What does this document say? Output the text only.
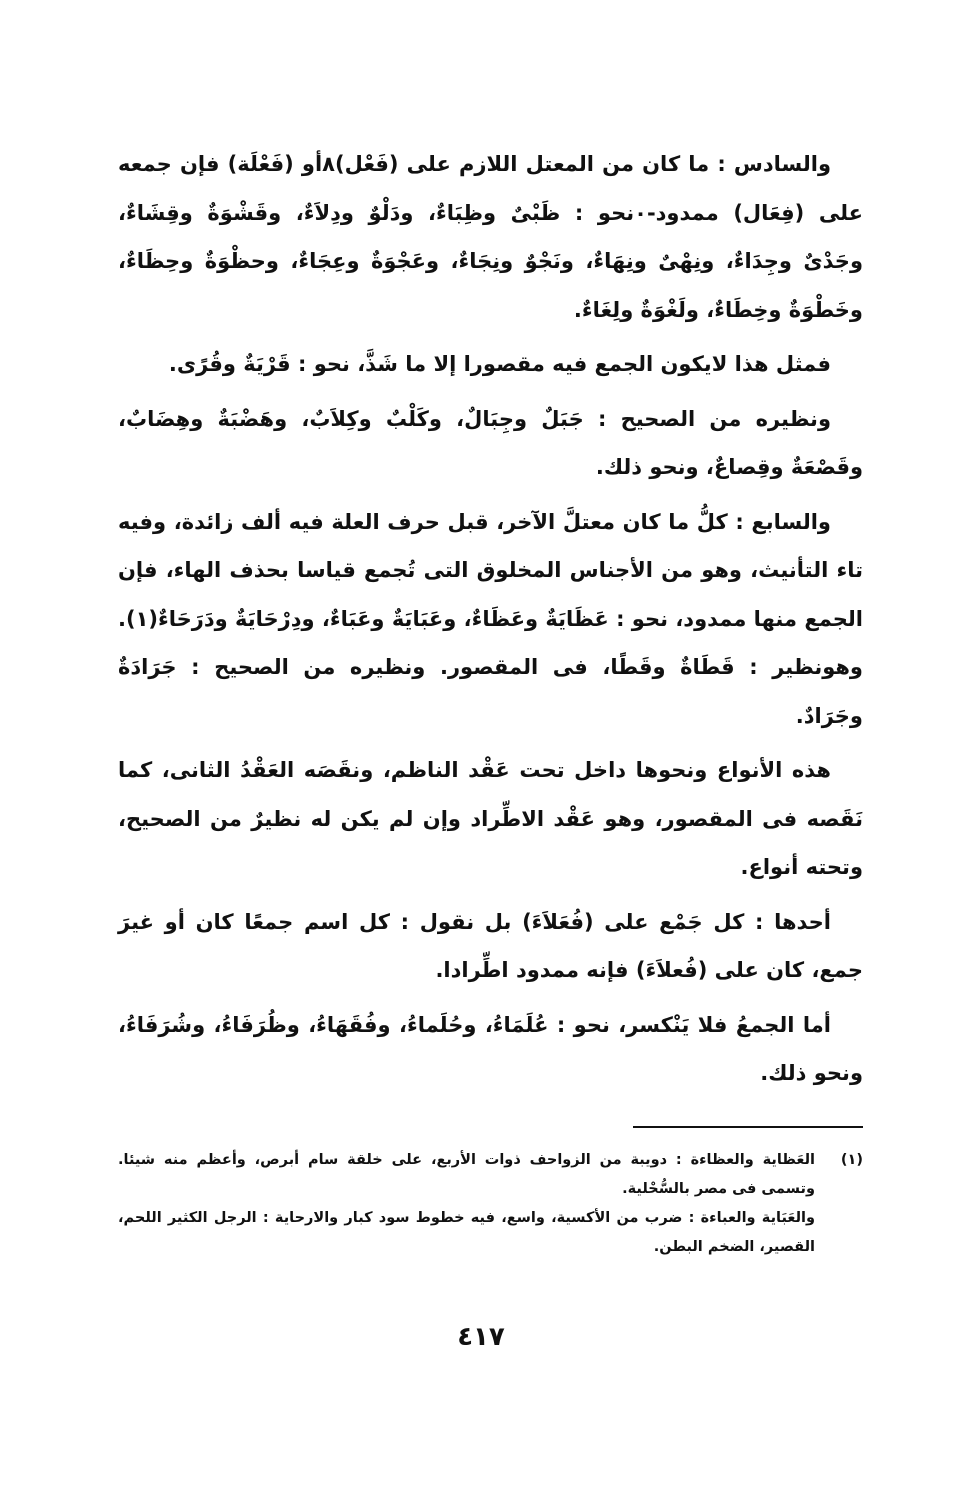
والسادس : ما كان من المعتل اللازم على (فَعْل)٨أو (فَعْلَة) فإن جمعه على (فِعَال) ممدود-٠نحو : ظَبْىٌ وظِبَاءٌ، ودَلْوٌ ودِلاَءٌ، وقَشْوَةٌ وقِشَاءٌ، وجَدْىٌ وجِدَاءٌ، ونِهْىٌ ونِهَاءٌ، ونَجْوٌ ونِجَاءٌ، وعَجْوَةٌ وعِجَاءٌ، وحظْوَةٌ وحِظَاءٌ، وخَطْوَةٌ وخِطَاءٌ، ولَغْوَةٌ ولِغَاءٌ.

فمثل هذا لايكون الجمع فيه مقصورا إلا ما شَذَّ، نحو : قَرْيَةٌ وقُرًى.

ونظيره من الصحيح : جَبَلٌ وجِبَالٌ، وكَلْبٌ وكِلاَبٌ، وهَضْبَةٌ وهِضَابٌ، وقَصْعَةٌ وقِصاعٌ، ونحو ذلك.

والسابع : كلُّ ما كان معتلَّ الآخر، قبل حرف العلة فيه ألف زائدة، وفيه تاء التأنيث، وهو من الأجناس المخلوق التى تُجمع قياسا بحذف الهاء، فإن الجمع منها ممدود، نحو : عَظَايَةٌ وعَظَاءٌ، وعَبَايَةٌ وعَبَاءٌ، ودِرْحَايَةٌ ودَرَحَاءٌ(١). وهونظير : قَطَاةٌ وقَطًا، فى المقصور. ونظيره من الصحيح : جَرَادَةٌ وجَرَادٌ.

هذه الأنواع ونحوها داخل تحت عَقْد الناظم، ونقَصَه العَقْدُ الثانى، كما نَقَصه فى المقصور، وهو عَقْد الاطِّراد وإن لم يكن له نظيرٌ من الصحيح، وتحته أنواع.

أحدها : كل جَمْع على (فُعَلاَءَ) بل نقول : كل اسم جمعًا كان أو غيرَ جمع، كان على (فُعلاَءَ) فإنه ممدود اطِّرادا.

أما الجمعُ فلا يَنْكسر، نحو : عُلَمَاءُ، وحُلَماءُ، وفُقَهَاءُ، وظُرَفَاءُ، وشُرَفَاءُ، ونحو ذلك.

(١)
العَظاية والعظاءة : دويبة من الزواحف ذوات الأربع، على خلقة سام أبرص، وأعظم منه شيئا. وتسمى فى مصر بالسُّحْلية.
والعَبَاية والعباءة : ضرب من الأكسية، واسع، فيه خطوط سود كبار والارحاية : الرجل الكثير اللحم، القصير، الضخم البطن.
٤١٧
